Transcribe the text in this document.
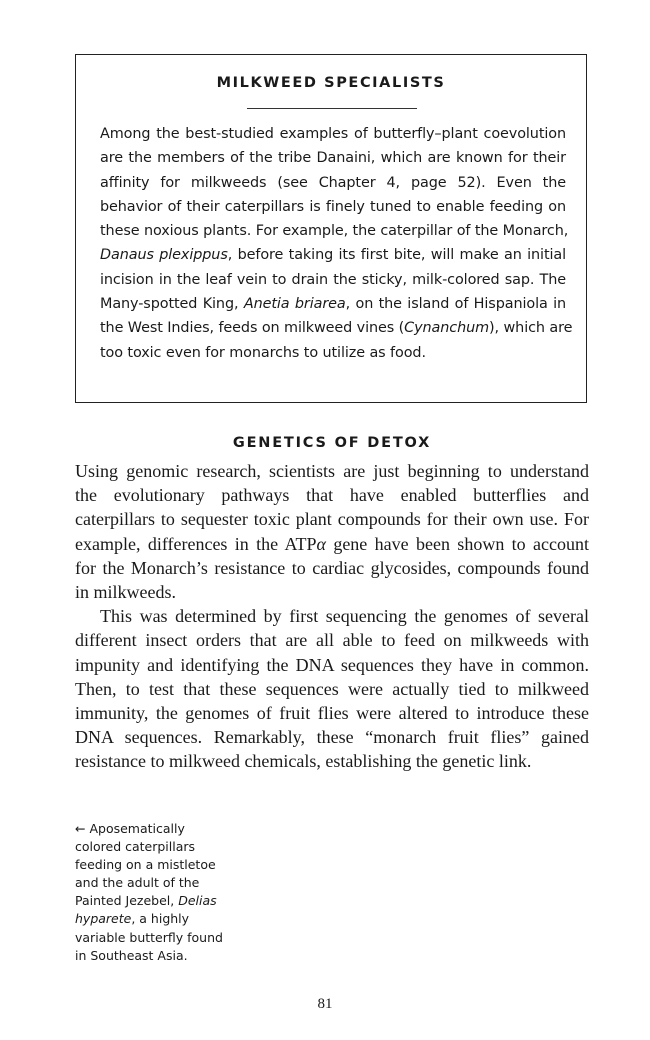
MILKWEED SPECIALISTS
Among the best-studied examples of butterfly–plant coevolution
are the members of the tribe Danaini, which are known for their
affinity for milkweeds (see Chapter 4, page 52). Even the
behavior of their caterpillars is finely tuned to enable feeding on
these noxious plants. For example, the caterpillar of the Monarch,
Danaus plexippus, before taking its first bite, will make an initial
incision in the leaf vein to drain the sticky, milk-colored sap. The
Many-spotted King, Anetia briarea, on the island of Hispaniola in
the West Indies, feeds on milkweed vines (Cynanchum), which are
too toxic even for monarchs to utilize as food.
GENETICS OF DETOX
Using genomic research, scientists are just beginning to understand
the evolutionary pathways that have enabled butterflies and
caterpillars to sequester toxic plant compounds for their own use. For
example, differences in the ATPα gene have been shown to account
for the Monarch’s resistance to cardiac glycosides, compounds found
in milkweeds.
This was determined by first sequencing the genomes of several
different insect orders that are all able to feed on milkweeds with
impunity and identifying the DNA sequences they have in common.
Then, to test that these sequences were actually tied to milkweed
immunity, the genomes of fruit flies were altered to introduce these
DNA sequences. Remarkably, these “monarch fruit flies” gained
resistance to milkweed chemicals, establishing the genetic link.
← Aposematically
colored caterpillars
feeding on a mistletoe
and the adult of the
Painted Jezebel, Delias
hyparete, a highly
variable butterfly found
in Southeast Asia.
81
